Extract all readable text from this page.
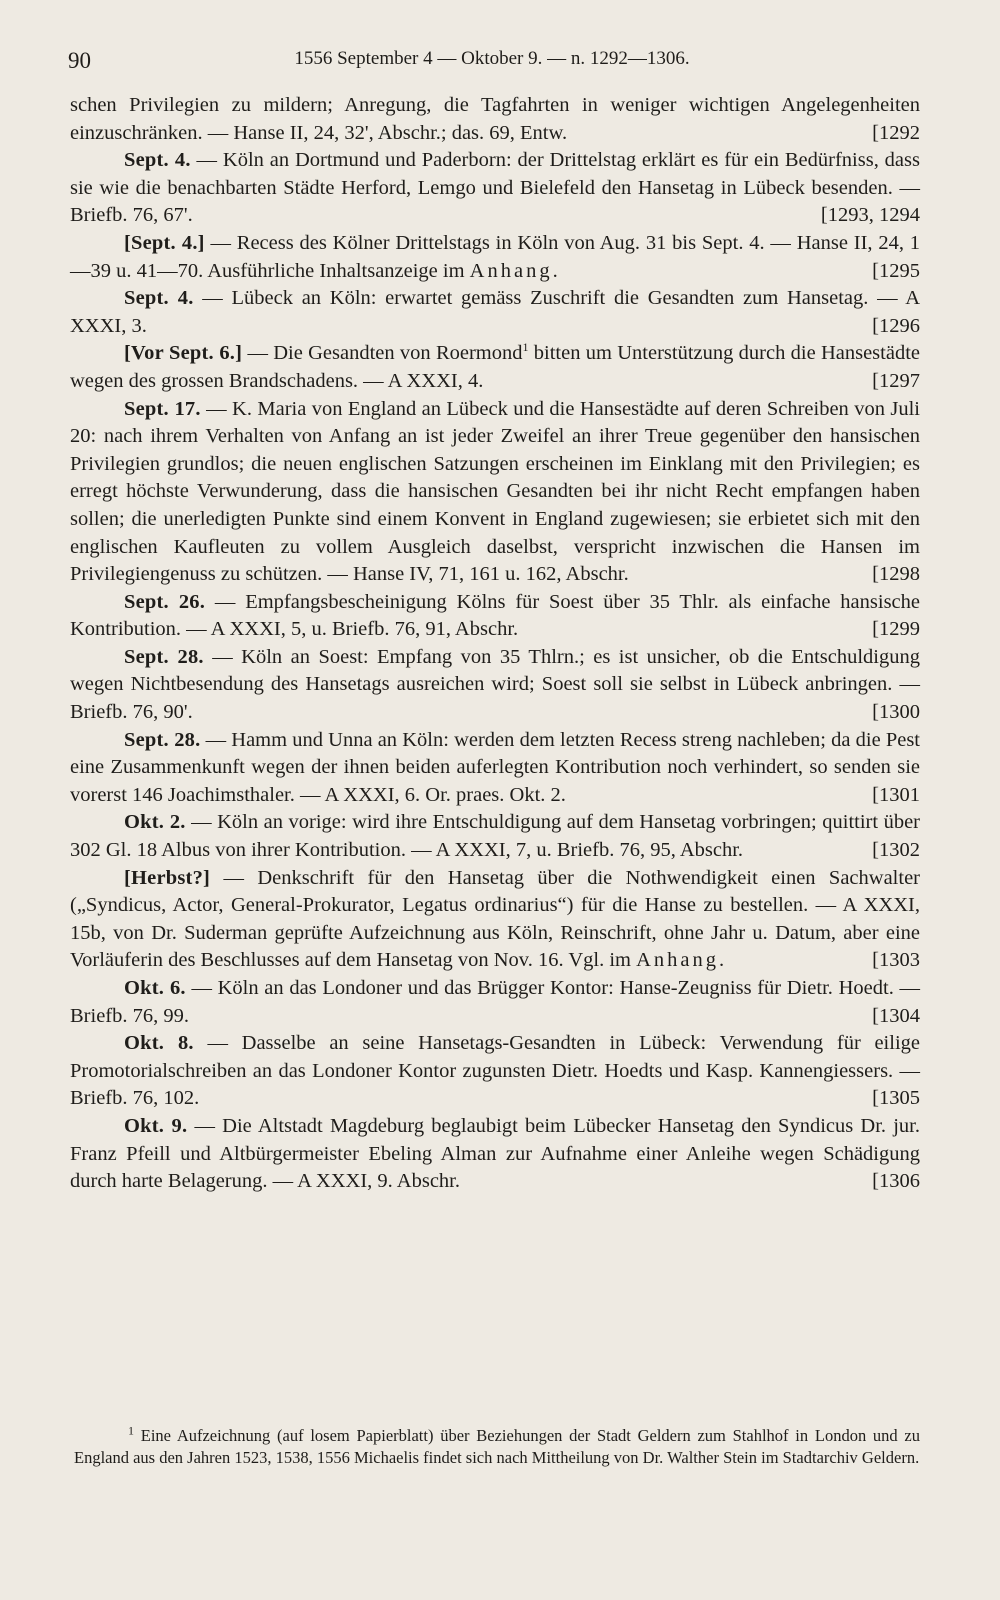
90	1556 September 4 — Oktober 9. — n. 1292—1306.

schen Privilegien zu mildern; Anregung, die Tagfahrten in weniger wichtigen Angelegenheiten einzuschränken. — Hanse II, 24, 32', Abschr.; das. 69, Entw.	[1292

Sept. 4. — Köln an Dortmund und Paderborn: der Drittelstag erklärt es für ein Bedürfniss, dass sie wie die benachbarten Städte Herford, Lemgo und Bielefeld den Hansetag in Lübeck besenden. — Briefb. 76, 67'.	[1293, 1294

[Sept. 4.] — Recess des Kölner Drittelstags in Köln von Aug. 31 bis Sept. 4. — Hanse II, 24, 1—39 u. 41—70. Ausführliche Inhaltsanzeige im Anhang.	[1295

Sept. 4. — Lübeck an Köln: erwartet gemäss Zuschrift die Gesandten zum Hansetag. — A XXXI, 3.	[1296

[Vor Sept. 6.] — Die Gesandten von Roermond$^1$ bitten um Unterstützung durch die Hansestädte wegen des grossen Brandschadens. — A XXXI, 4.	[1297

Sept. 17. — K. Maria von England an Lübeck und die Hansestädte auf deren Schreiben von Juli 20: nach ihrem Verhalten von Anfang an ist jeder Zweifel an ihrer Treue gegenüber den hansischen Privilegien grundlos; die neuen englischen Satzungen erscheinen im Einklang mit den Privilegien; es erregt höchste Verwunderung, dass die hansischen Gesandten bei ihr nicht Recht empfangen haben sollen; die unerledigten Punkte sind einem Konvent in England zugewiesen; sie erbietet sich mit den englischen Kaufleuten zu vollem Ausgleich daselbst, verspricht inzwischen die Hansen im Privilegiengenuss zu schützen. — Hanse IV, 71, 161 u. 162, Abschr.	[1298

Sept. 26. — Empfangsbescheinigung Kölns für Soest über 35 Thlr. als einfache hansische Kontribution. — A XXXI, 5, u. Briefb. 76, 91, Abschr.	[1299

Sept. 28. — Köln an Soest: Empfang von 35 Thlrn.; es ist unsicher, ob die Entschuldigung wegen Nichtbesendung des Hansetags ausreichen wird; Soest soll sie selbst in Lübeck anbringen. — Briefb. 76, 90'.	[1300

Sept. 28. — Hamm und Unna an Köln: werden dem letzten Recess streng nachleben; da die Pest eine Zusammenkunft wegen der ihnen beiden auferlegten Kontribution noch verhindert, so senden sie vorerst 146 Joachimsthaler. — A XXXI, 6. Or. praes. Okt. 2.	[1301

Okt. 2. — Köln an vorige: wird ihre Entschuldigung auf dem Hansetag vorbringen; quittirt über 302 Gl. 18 Albus von ihrer Kontribution. — A XXXI, 7, u. Briefb. 76, 95, Abschr.	[1302

[Herbst?] — Denkschrift für den Hansetag über die Nothwendigkeit einen Sachwalter („Syndicus, Actor, General-Prokurator, Legatus ordinarius“) für die Hanse zu bestellen. — A XXXI, 15b, von Dr. Suderman geprüfte Aufzeichnung aus Köln, Reinschrift, ohne Jahr u. Datum, aber eine Vorläuferin des Beschlusses auf dem Hansetag von Nov. 16. Vgl. im Anhang.	[1303

Okt. 6. — Köln an das Londoner und das Brügger Kontor: Hanse-Zeugniss für Dietr. Hoedt. — Briefb. 76, 99.	[1304

Okt. 8. — Dasselbe an seine Hansetags-Gesandten in Lübeck: Verwendung für eilige Promotorialschreiben an das Londoner Kontor zugunsten Dietr. Hoedts und Kasp. Kannengiessers. — Briefb. 76, 102.	[1305

Okt. 9. — Die Altstadt Magdeburg beglaubigt beim Lübecker Hansetag den Syndicus Dr. jur. Franz Pfeill und Altbürgermeister Ebeling Alman zur Aufnahme einer Anleihe wegen Schädigung durch harte Belagerung. — A XXXI, 9. Abschr.	[1306

$^1$ Eine Aufzeichnung (auf losem Papierblatt) über Beziehungen der Stadt Geldern zum Stahlhof in London und zu England aus den Jahren 1523, 1538, 1556 Michaelis findet sich nach Mittheilung von Dr. Walther Stein im Stadtarchiv Geldern.
